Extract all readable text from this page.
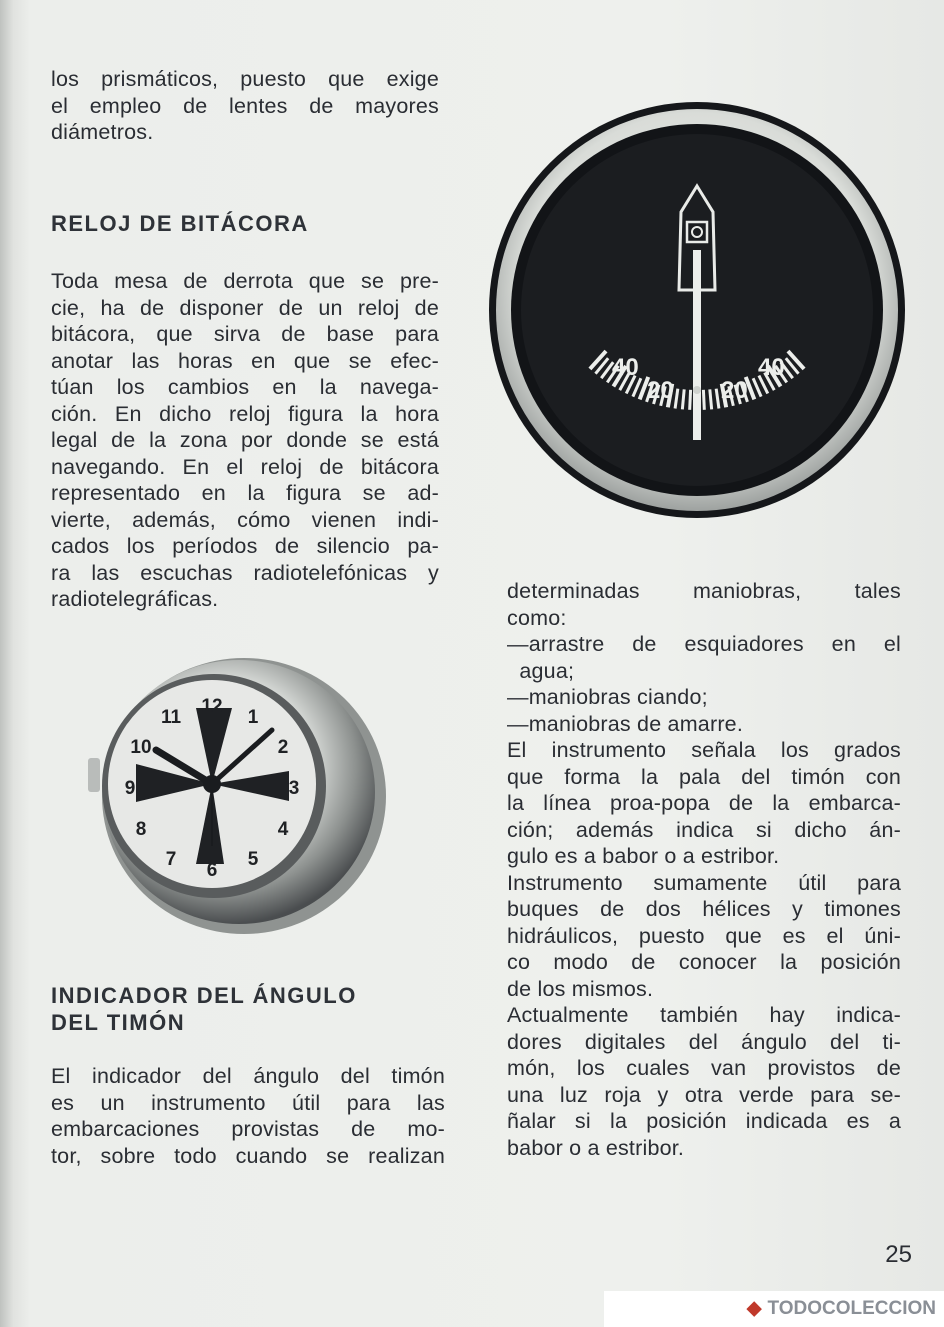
los prismáticos, puesto que exige
el empleo de lentes de mayores
diámetros.
RELOJ DE BITÁCORA
Toda mesa de derrota que se pre-
cie, ha de disponer de un reloj de
bitácora, que sirva de base para
anotar las horas en que se efec-
túan los cambios en la navega-
ción. En dicho reloj figura la hora
legal de la zona por donde se está
navegando. En el reloj de bitácora
representado en la figura se ad-
vierte, además, cómo vienen indi-
cados los períodos de silencio pa-
ra las escuchas radiotelefónicas y
radiotelegráficas.
40
20 20
40
12
1
2
3
4
5
6
7
8
9
10
11
INDICADOR DEL ÁNGULO
DEL TIMÓN
El indicador del ángulo del timón
es un instrumento útil para las
embarcaciones provistas de mo-
tor, sobre todo cuando se realizan
determinadas maniobras, tales
como:
—arrastre de esquiadores en el
agua;
—maniobras ciando;
—maniobras de amarre.
El instrumento señala los grados
que forma la pala del timón con
la línea proa-popa de la embarca-
ción; además indica si dicho án-
gulo es a babor o a estribor.
Instrumento sumamente útil para
buques de dos hélices y timones
hidráulicos, puesto que es el úni-
co modo de conocer la posición
de los mismos.
Actualmente también hay indica-
dores digitales del ángulo del ti-
món, los cuales van provistos de
una luz roja y otra verde para se-
ñalar si la posición indicada es a
babor o a estribor.
25
◆ TODOCOLECCION
